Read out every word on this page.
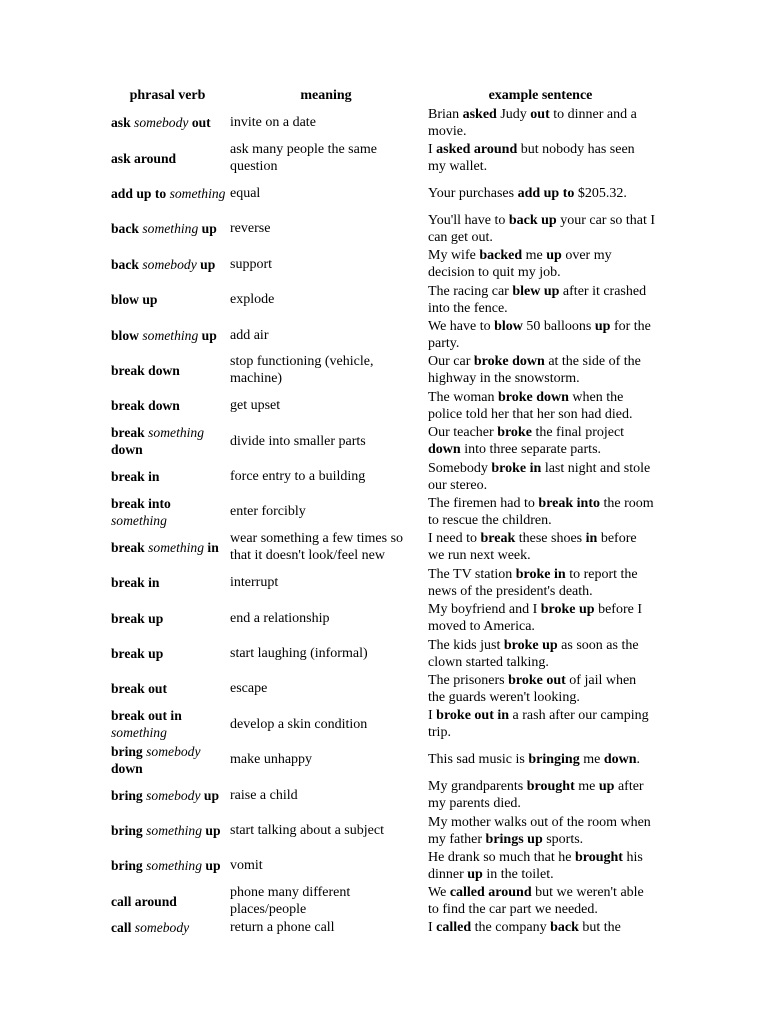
phrasal verb	meaning	example sentence
ask somebody out	invite on a date	Brian asked Judy out to dinner and a movie.
ask around	ask many people the same question	I asked around but nobody has seen my wallet.
add up to something	equal	Your purchases add up to $205.32.
back something up	reverse	You'll have to back up your car so that I can get out.
back somebody up	support	My wife backed me up over my decision to quit my job.
blow up	explode	The racing car blew up after it crashed into the fence.
blow something up	add air	We have to blow 50 balloons up for the party.
break down	stop functioning (vehicle, machine)	Our car broke down at the side of the highway in the snowstorm.
break down	get upset	The woman broke down when the police told her that her son had died.
break something down	divide into smaller parts	Our teacher broke the final project down into three separate parts.
break in	force entry to a building	Somebody broke in last night and stole our stereo.
break into something	enter forcibly	The firemen had to break into the room to rescue the children.
break something in	wear something a few times so that it doesn't look/feel new	I need to break these shoes in before we run next week.
break in	interrupt	The TV station broke in to report the news of the president's death.
break up	end a relationship	My boyfriend and I broke up before I moved to America.
break up	start laughing (informal)	The kids just broke up as soon as the clown started talking.
break out	escape	The prisoners broke out of jail when the guards weren't looking.
break out in something	develop a skin condition	I broke out in a rash after our camping trip.
bring somebody down	make unhappy	This sad music is bringing me down.
bring somebody up	raise a child	My grandparents brought me up after my parents died.
bring something up	start talking about a subject	My mother walks out of the room when my father brings up sports.
bring something up	vomit	He drank so much that he brought his dinner up in the toilet.
call around	phone many different places/people	We called around but we weren't able to find the car part we needed.
call somebody	return a phone call	I called the company back but the
